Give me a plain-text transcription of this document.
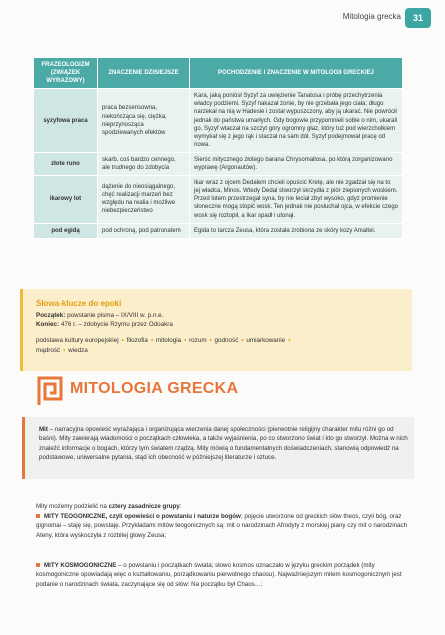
Mitologia grecka	31
FRAZEOLOGIZM (ZWIĄZEK WYRAZOWY)	ZNACZENIE DZISIEJSZE	POCHODZENIE I ZNACZENIE W MITOLOGII GRECKIEJ
syzyfowa praca	praca bezsensowna, niekończąca się, ciężka, nieprzynosząca spodziewanych efektów	Kara, jaką poniósł Syzyf za uwięzienie Tanatosa i próbę przechytrzenia władcy podziemi. Syzyf nakazał żonie, by nie grzebała jego ciała; długo narzekał na nią w Hadesie i został wypuszczony, aby ją ukarać. Nie powrócił jednak do państwa umarłych. Gdy bogowie przypomnieli sobie o nim, ukarali go. Syzyf wtaczał na szczyt góry ogromny głaz, który tuż pod wierzchołkiem wymykał się z jego rąk i staczał na sam dół. Syzyf podejmował pracę od nowa.
złote runo	skarb, coś bardzo cennego, ale trudnego do zdobycia	Sierść mitycznego złotego barana Chrysomallosa, po którą zorganizowano wyprawę (Argonautów).
ikarowy lot	dążenie do nieosiągalnego, chęć realizacji marzeń bez względu na realia i możliwe niebezpieczeństwo	Ikar wraz z ojcem Dedalem chcieli opuścić Kretę, ale nie zgadzał się na to jej władca, Minos. Wtedy Dedal stworzył skrzydła z piór zlepionych woskiem. Przed lotem przestrzegał syna, by nie leciał zbyt wysoko, gdyż promienie słoneczne mogą stopić wosk. Ten jednak nie posłuchał ojca, w efekcie czego wosk się roztopił, a Ikar spadł i utonął.
pod egidą	pod ochroną, pod patronatem	Egida to tarcza Zeusa, która została zrobiona ze skóry kozy Amaltei.
Słowa-klucze do epoki
Początek: powstanie pisma – IX/VIII w. p.n.e.
Koniec: 476 r. – zdobycie Rzymu przez Odoakra
podstawa kultury europejskiej • filozofia • mitologia • rozum • godność • umiarkowanie •
mądrość • wiedza
MITOLOGIA GRECKA

Mit – narracyjna opowieść wyrażająca i organizująca wierzenia danej społeczności (pierwotnie religijny charakter mitu różni go od baśni). Mity zawierają wiadomości o początkach człowieka, a także wyjaśnienia, po co stworzono świat i kto go stworzył. Można w nich znaleźć informacje o bogach, którzy tym światem rządzą. Mity mówią o fundamentalnych doświadczeniach, stanowią odpowiedź na podstawowe, uniwersalne pytania, stąd ich obecność w późniejszej literaturze i sztuce.

Mity możemy podzielić na cztery zasadnicze grupy:
MITY TEOGONICZNE, czyli opowieści o powstaniu i naturze bogów; pojęcie utworzone od greckich słów theos, czyli bóg, oraz gignomai – staję się, powstaję. Przykładami mitów teogonicznych są: mit o narodzinach Afrodyty z morskiej piany czy mit o narodzinach Ateny, która wyskoczyła z rozbitej głowy Zeusa;
MITY KOSMOGONICZNE – o powstaniu i początkach świata; słowo kosmos oznaczało w języku greckim porządek (mity kosmogoniczne opowiadają więc o kształtowaniu, porządkowaniu pierwotnego chaosu). Najważniejszym mitem kosmogonicznym jest podanie o narodzinach świata, zaczynające się od słów: Na początku był Chaos…;
